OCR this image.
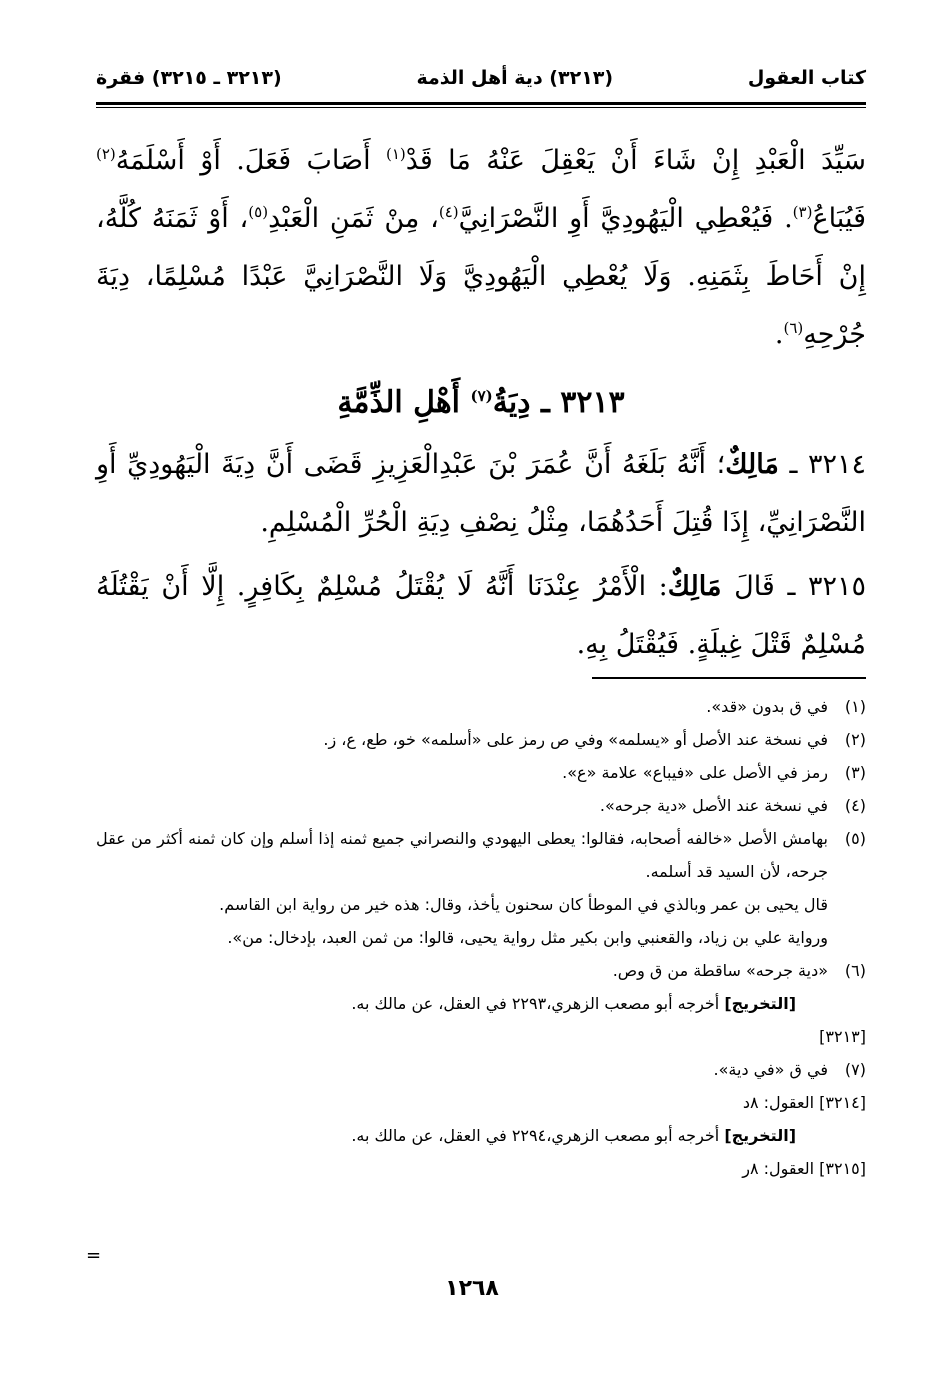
كتاب العقول
(٣٢١٣) دية أهل الذمة
(٣٢١٣ ـ ٣٢١٥) فقرة

سَيِّدَ الْعَبْدِ إِنْ شَاءَ أَنْ يَعْقِلَ عَنْهُ مَا قَدْ$^{(١)}$ أَصَابَ فَعَلَ. أَوْ أَسْلَمَهُ$^{(٢)}$ فَيُبَاعُ$^{(٣)}$. فَيُعْطِي الْيَهُودِيَّ أَوِ النَّصْرَانِيَّ$^{(٤)}$، مِنْ ثَمَنِ الْعَبْدِ$^{(٥)}$، أَوْ ثَمَنَهُ كُلَّهُ، إِنْ أَحَاطَ بِثَمَنِهِ. وَلَا يُعْطِي الْيَهُودِيَّ وَلَا النَّصْرَانِيَّ عَبْدًا مُسْلِمًا، دِيَةَ جُرْحِهِ$^{(٦)}$.

٣٢١٣ ـ دِيَةُ$^{(٧)}$ أَهْلِ الذِّمَّةِ

٣٢١٤ ـ مَالِكٌ؛ أَنَّهُ بَلَغَهُ أَنَّ عُمَرَ بْنَ عَبْدِالْعَزِيزِ قَضَى أَنَّ دِيَةَ الْيَهُودِيِّ أَوِ النَّصْرَانِيِّ، إِذَا قُتِلَ أَحَدُهُمَا، مِثْلُ نِصْفِ دِيَةِ الْحُرِّ الْمُسْلِمِ.

٣٢١٥ ـ قَالَ مَالِكٌ: الْأَمْرُ عِنْدَنَا أَنَّهُ لَا يُقْتَلُ مُسْلِمٌ بِكَافِرٍ. إِلَّا أَنْ يَقْتُلَهُ مُسْلِمٌ قَتْلَ غِيلَةٍ. فَيُقْتَلُ بِهِ.

(١)
في ق بدون «قد».
(٢)
في نسخة عند الأصل أو «يسلمه» وفي ص رمز على «أسلمه» خو، طع، ع، ز.
(٣)
رمز في الأصل على «فيباع» علامة «ع».
(٤)
في نسخة عند الأصل «دية جرحه».
(٥)
بهامش الأصل «خالفه أصحابه، فقالوا: يعطى اليهودي والنصراني جميع ثمنه إذا أسلم وإن كان ثمنه أكثر من عقل جرحه، لأن السيد قد أسلمه.

قال يحيى بن عمر وبالذي في الموطأ كان سحنون يأخذ، وقال: هذه خير من رواية ابن القاسم.

ورواية علي بن زياد، والقعنبي وابن بكير مثل رواية يحيى، قالوا: من ثمن العبد، بإدخال: من».

(٦)
«دية جرحه» ساقطة من ق وص.

[التخريج] أخرجه أبو مصعب الزهري،٢٢٩٣ في العقل، عن مالك به.

[٣٢١٣]

(٧)
في ق «في دية».

[٣٢١٤] العقول: ٨د

[التخريج] أخرجه أبو مصعب الزهري،٢٢٩٤ في العقل، عن مالك به.

[٣٢١٥] العقول: ٨ر

=
١٢٦٨
